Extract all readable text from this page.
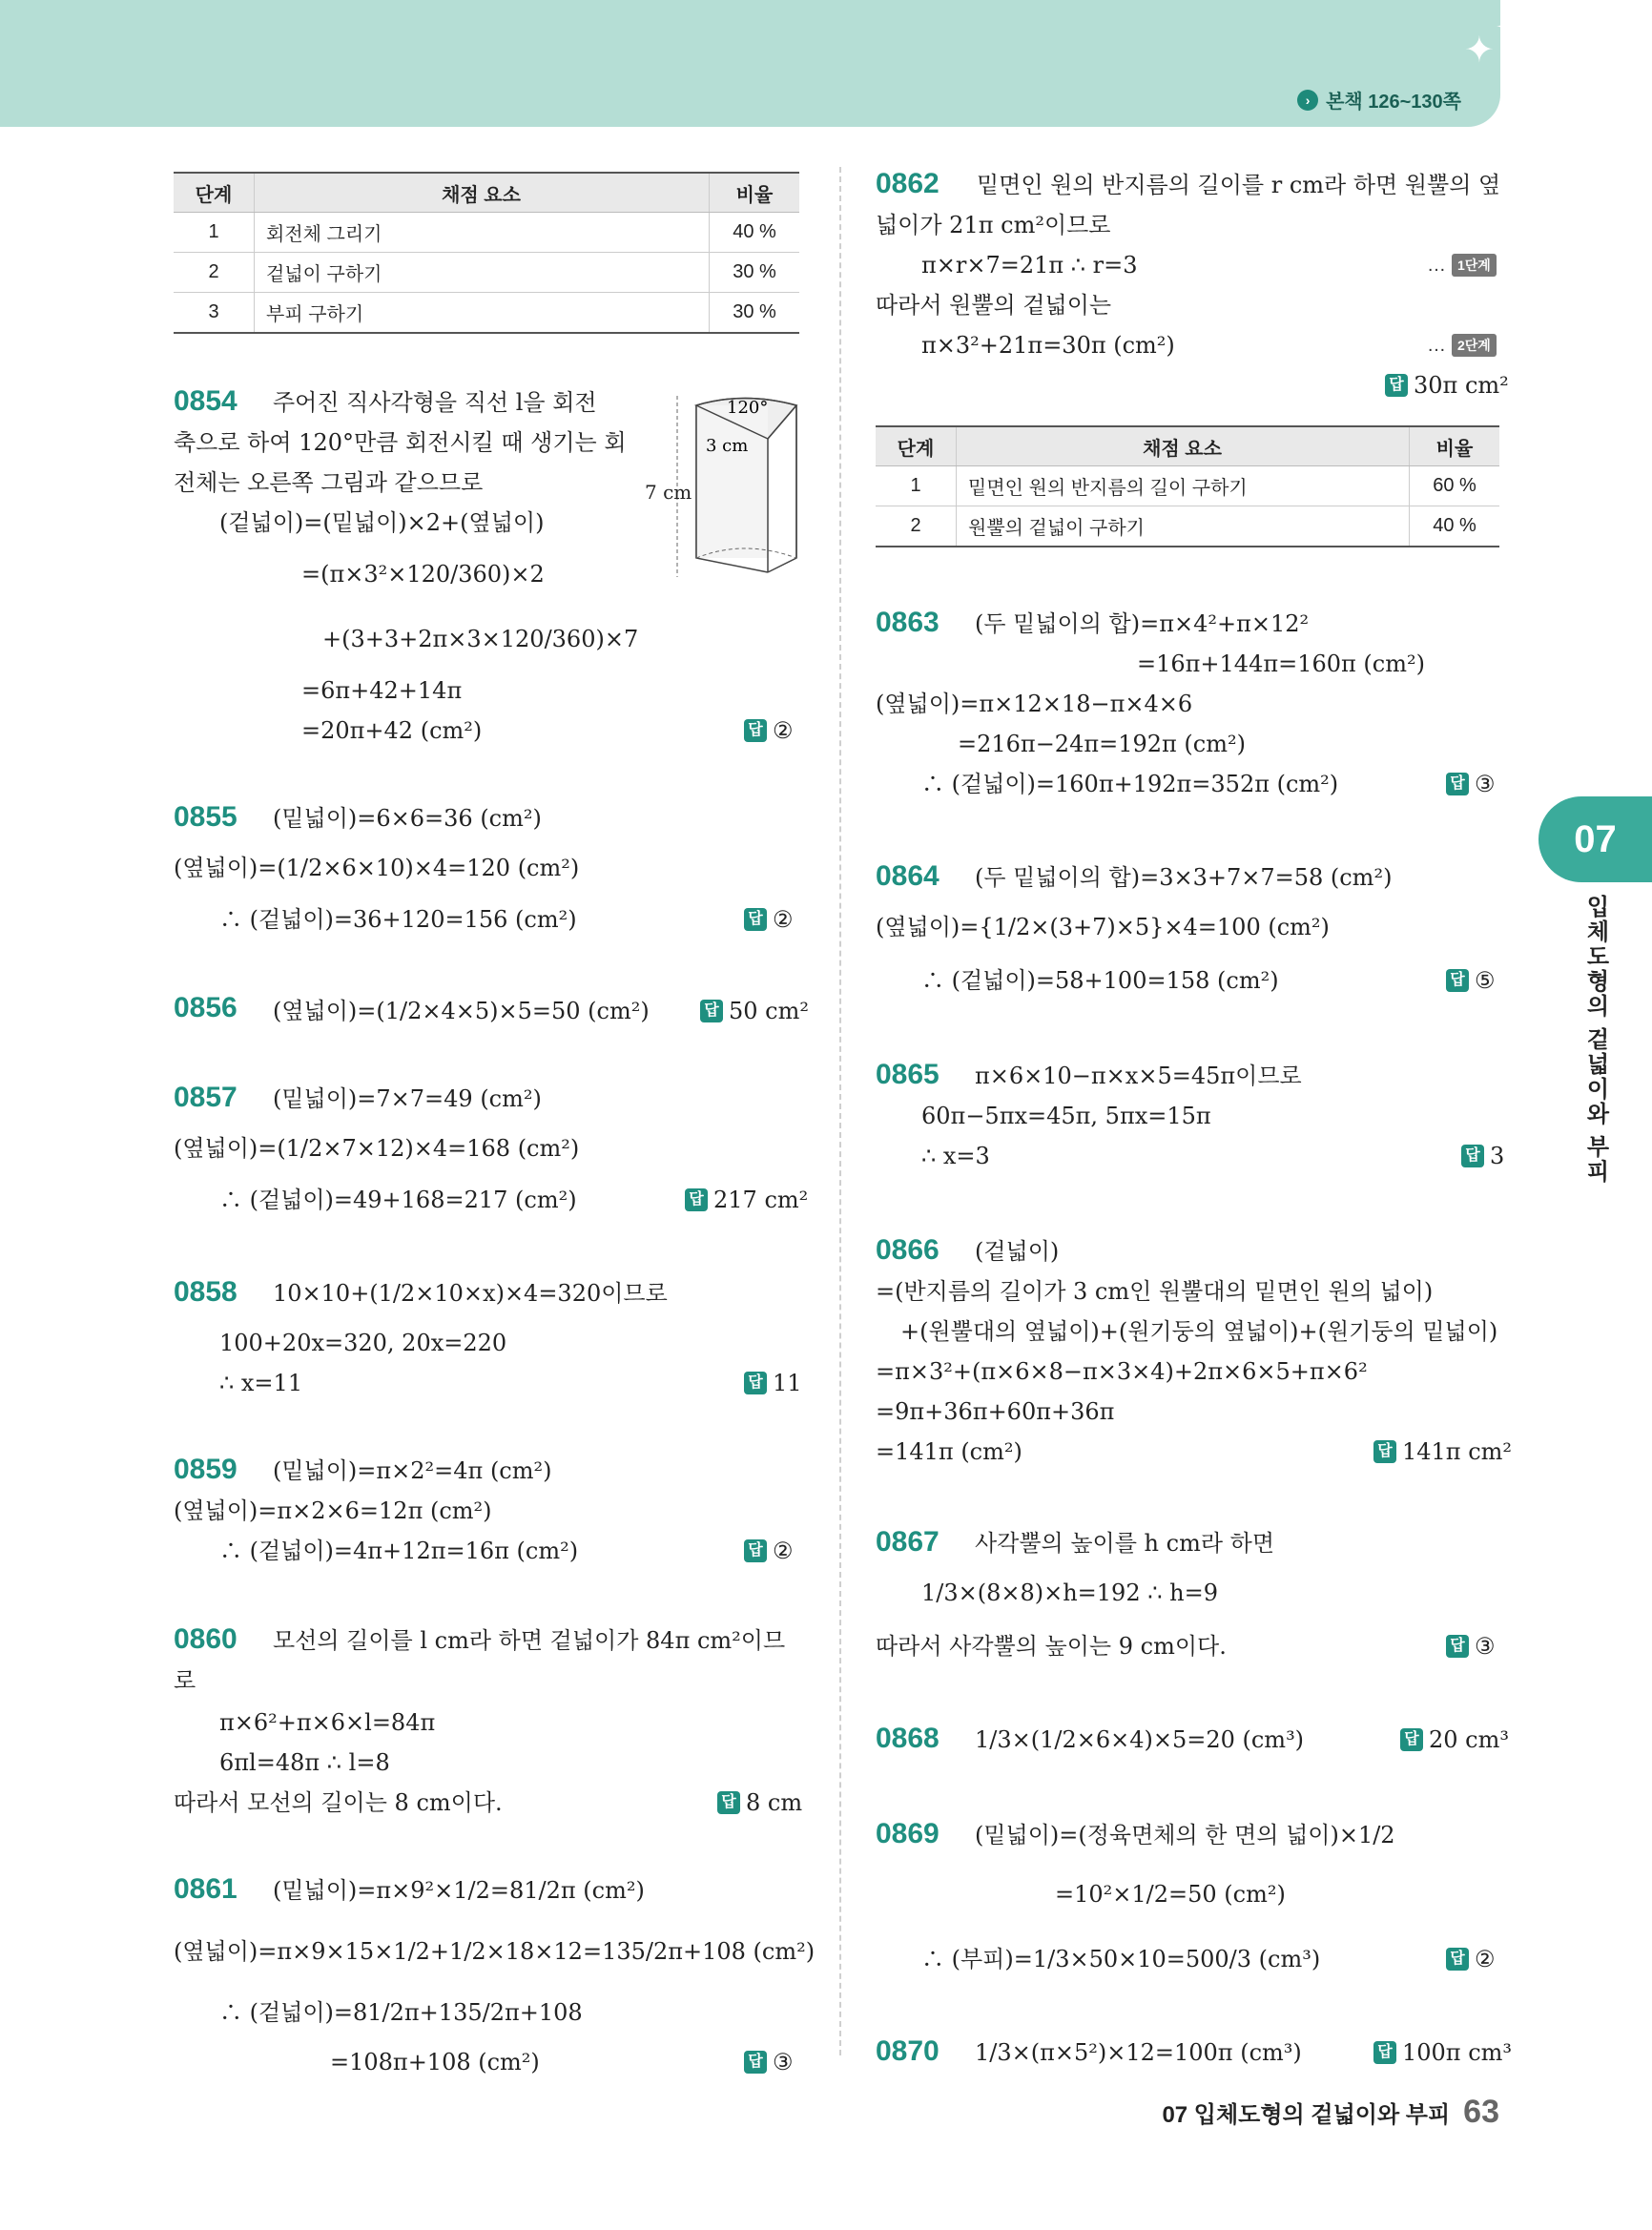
✦
✦
› 본책 126~130쪽
단계	채점 요소	비율
1	회전체 그리기	40 %
2	겉넓이 구하기	30 %
3	부피 구하기	30 %
0854 주어진 직사각형을 직선 l을 회전
축으로 하여 120°만큼 회전시킬 때 생기는 회
전체는 오른쪽 그림과 같으므로
(겉넓이)=(밑넓이)×2+(옆넓이)
=(π×3²×120/360)×2
+(3+3+2π×3×120/360)×7
=6π+42+14π
=20π+42 (cm²)	답 ②
120°
3 cm
7 cm
0855 (밑넓이)=6×6=36 (cm²)
(옆넓이)=(1/2×6×10)×4=120 (cm²)
∴ (겉넓이)=36+120=156 (cm²)	답 ②
0856 (옆넓이)=(1/2×4×5)×5=50 (cm²)	답 50 cm²
0857 (밑넓이)=7×7=49 (cm²)
(옆넓이)=(1/2×7×12)×4=168 (cm²)
∴ (겉넓이)=49+168=217 (cm²)	답 217 cm²
0858 10×10+(1/2×10×x)×4=320이므로
100+20x=320, 20x=220
∴ x=11	답 11
0859 (밑넓이)=π×2²=4π (cm²)
(옆넓이)=π×2×6=12π (cm²)
∴ (겉넓이)=4π+12π=16π (cm²)	답 ②
0860 모선의 길이를 l cm라 하면 겉넓이가 84π cm²이므
로
π×6²+π×6×l=84π
6πl=48π ∴ l=8
따라서 모선의 길이는 8 cm이다.	답 8 cm
0861 (밑넓이)=π×9²×1/2=81/2π (cm²)
(옆넓이)=π×9×15×1/2+1/2×18×12=135/2π+108 (cm²)
∴ (겉넓이)=81/2π+135/2π+108
=108π+108 (cm²)	답 ③
0862 밑면인 원의 반지름의 길이를 r cm라 하면 원뿔의 옆
넓이가 21π cm²이므로
π×r×7=21π ∴ r=3	… 1단계
따라서 원뿔의 겉넓이는
π×3²+21π=30π (cm²)	… 2단계
답 30π cm²
단계	채점 요소	비율
1	밑면인 원의 반지름의 길이 구하기	60 %
2	원뿔의 겉넓이 구하기	40 %
0863 (두 밑넓이의 합)=π×4²+π×12²
=16π+144π=160π (cm²)
(옆넓이)=π×12×18−π×4×6
=216π−24π=192π (cm²)
∴ (겉넓이)=160π+192π=352π (cm²)	답 ③
0864 (두 밑넓이의 합)=3×3+7×7=58 (cm²)
(옆넓이)={1/2×(3+7)×5}×4=100 (cm²)
∴ (겉넓이)=58+100=158 (cm²)	답 ⑤
0865 π×6×10−π×x×5=45π이므로
60π−5πx=45π, 5πx=15π
∴ x=3	답 3
0866 (겉넓이)
=(반지름의 길이가 3 cm인 원뿔대의 밑면인 원의 넓이)
+(원뿔대의 옆넓이)+(원기둥의 옆넓이)+(원기둥의 밑넓이)
=π×3²+(π×6×8−π×3×4)+2π×6×5+π×6²
=9π+36π+60π+36π
=141π (cm²)	답 141π cm²
0867 사각뿔의 높이를 h cm라 하면
1/3×(8×8)×h=192 ∴ h=9
따라서 사각뿔의 높이는 9 cm이다.	답 ③
0868 1/3×(1/2×6×4)×5=20 (cm³)	답 20 cm³
0869 (밑넓이)=(정육면체의 한 면의 넓이)×1/2
=10²×1/2=50 (cm²)
∴ (부피)=1/3×50×10=500/3 (cm³)	답 ②
0870 1/3×(π×5²)×12=100π (cm³)	답 100π cm³
07
입체도형의 겉넓이와 부피
07 입체도형의 겉넓이와 부피 63
